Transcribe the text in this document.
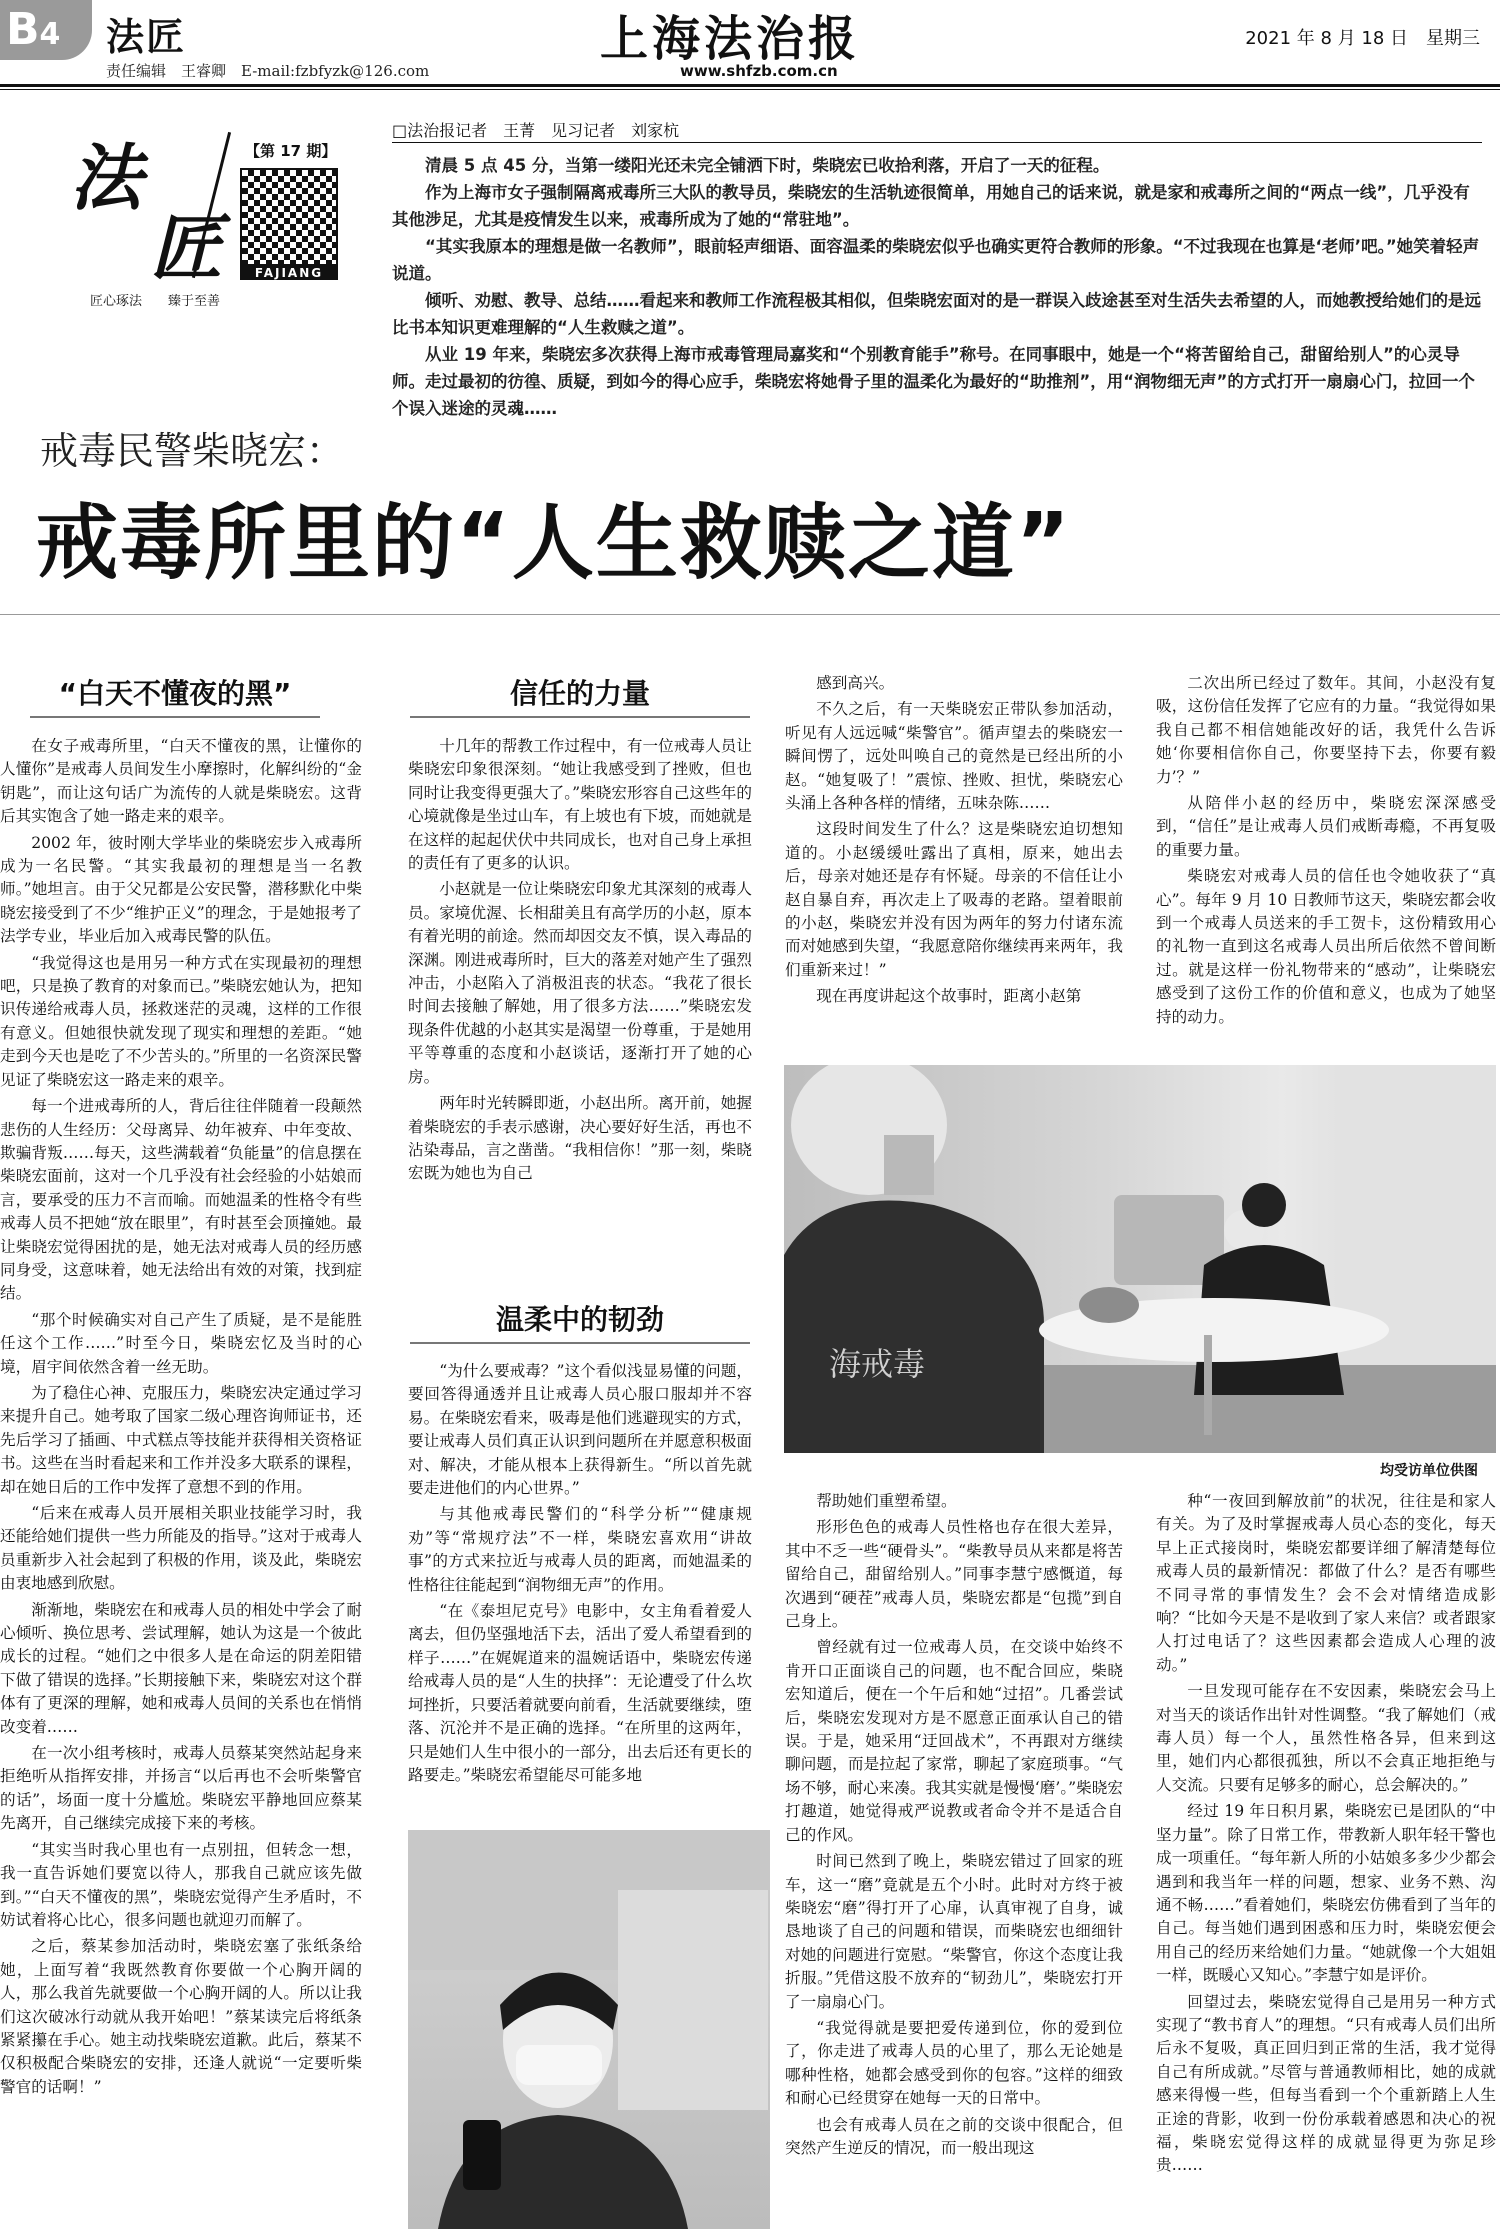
B4	法匠
责任编辑　王睿卿　E-mail:fzbfyzk@126.com
上海法治报
www.shfzb.com.cn
2021 年 8 月 18 日　星期三
法
匠
【第 17 期】
FAJIANG
匠心琢法　　臻于至善
□法治报记者　王菁　见习记者　刘家杭

清晨 5 点 45 分，当第一缕阳光还未完全铺洒下时，柴晓宏已收拾利落，开启了一天的征程。

作为上海市女子强制隔离戒毒所三大队的教导员，柴晓宏的生活轨迹很简单，用她自己的话来说，就是家和戒毒所之间的“两点一线”，几乎没有其他涉足，尤其是疫情发生以来，戒毒所成为了她的“常驻地”。

“其实我原本的理想是做一名教师”，眼前轻声细语、面容温柔的柴晓宏似乎也确实更符合教师的形象。“不过我现在也算是‘老师’吧。”她笑着轻声说道。

倾听、劝慰、教导、总结……看起来和教师工作流程极其相似，但柴晓宏面对的是一群误入歧途甚至对生活失去希望的人，而她教授给她们的是远比书本知识更难理解的“人生救赎之道”。

从业 19 年来，柴晓宏多次获得上海市戒毒管理局嘉奖和“个别教育能手”称号。在同事眼中，她是一个“将苦留给自己，甜留给别人”的心灵导师。走过最初的彷徨、质疑，到如今的得心应手，柴晓宏将她骨子里的温柔化为最好的“助推剂”，用“润物细无声”的方式打开一扇扇心门，拉回一个个误入迷途的灵魂……

戒毒民警柴晓宏：
戒毒所里的“人生救赎之道”
“白天不懂夜的黑”	信任的力量
温柔中的韧劲

在女子戒毒所里，“白天不懂夜的黑，让懂你的人懂你”是戒毒人员间发生小摩擦时，化解纠纷的“金钥匙”，而让这句话广为流传的人就是柴晓宏。这背后其实饱含了她一路走来的艰辛。

2002 年，彼时刚大学毕业的柴晓宏步入戒毒所成为一名民警。“其实我最初的理想是当一名教师。”她坦言。由于父兄都是公安民警，潜移默化中柴晓宏接受到了不少“维护正义”的理念，于是她报考了法学专业，毕业后加入戒毒民警的队伍。

“我觉得这也是用另一种方式在实现最初的理想吧，只是换了教育的对象而已。”柴晓宏她认为，把知识传递给戒毒人员，拯救迷茫的灵魂，这样的工作很有意义。但她很快就发现了现实和理想的差距。“她走到今天也是吃了不少苦头的。”所里的一名资深民警见证了柴晓宏这一路走来的艰辛。

每一个进戒毒所的人，背后往往伴随着一段颠然悲伤的人生经历：父母离异、幼年被弃、中年变故、欺骗背叛……每天，这些满载着“负能量”的信息摆在柴晓宏面前，这对一个几乎没有社会经验的小姑娘而言，要承受的压力不言而喻。而她温柔的性格令有些戒毒人员不把她“放在眼里”，有时甚至会顶撞她。最让柴晓宏觉得困扰的是，她无法对戒毒人员的经历感同身受，这意味着，她无法给出有效的对策，找到症结。

“那个时候确实对自己产生了质疑，是不是能胜任这个工作……”时至今日，柴晓宏忆及当时的心境，眉宇间依然含着一丝无助。

为了稳住心神、克服压力，柴晓宏决定通过学习来提升自己。她考取了国家二级心理咨询师证书，还先后学习了插画、中式糕点等技能并获得相关资格证书。这些在当时看起来和工作并没多大联系的课程，却在她日后的工作中发挥了意想不到的作用。

“后来在戒毒人员开展相关职业技能学习时，我还能给她们提供一些力所能及的指导。”这对于戒毒人员重新步入社会起到了积极的作用，谈及此，柴晓宏由衷地感到欣慰。

渐渐地，柴晓宏在和戒毒人员的相处中学会了耐心倾听、换位思考、尝试理解，她认为这是一个彼此成长的过程。“她们之中很多人是在命运的阴差阳错下做了错误的选择。”长期接触下来，柴晓宏对这个群体有了更深的理解，她和戒毒人员间的关系也在悄悄改变着……

在一次小组考核时，戒毒人员蔡某突然站起身来拒绝听从指挥安排，并扬言“以后再也不会听柴警官的话”，场面一度十分尴尬。柴晓宏平静地回应蔡某先离开，自己继续完成接下来的考核。

“其实当时我心里也有一点别扭，但转念一想，我一直告诉她们要宽以待人，那我自己就应该先做到。”“白天不懂夜的黑”，柴晓宏觉得产生矛盾时，不妨试着将心比心，很多问题也就迎刃而解了。

之后，蔡某参加活动时，柴晓宏塞了张纸条给她，上面写着“我既然教育你要做一个心胸开阔的人，那么我首先就要做一个心胸开阔的人。所以让我们这次破冰行动就从我开始吧！”蔡某读完后将纸条紧紧攥在手心。她主动找柴晓宏道歉。此后，蔡某不仅积极配合柴晓宏的安排，还逢人就说“一定要听柴警官的话啊！”

十几年的帮教工作过程中，有一位戒毒人员让柴晓宏印象很深刻。“她让我感受到了挫败，但也同时让我变得更强大了。”柴晓宏形容自己这些年的心境就像是坐过山车，有上坡也有下坡，而她就是在这样的起起伏伏中共同成长，也对自己身上承担的责任有了更多的认识。

小赵就是一位让柴晓宏印象尤其深刻的戒毒人员。家境优渥、长相甜美且有高学历的小赵，原本有着光明的前途。然而却因交友不慎，误入毒品的深渊。刚进戒毒所时，巨大的落差对她产生了强烈冲击，小赵陷入了消极沮丧的状态。“我花了很长时间去接触了解她，用了很多方法……”柴晓宏发现条件优越的小赵其实是渴望一份尊重，于是她用平等尊重的态度和小赵谈话，逐渐打开了她的心房。

两年时光转瞬即逝，小赵出所。离开前，她握着柴晓宏的手表示感谢，决心要好好生活，再也不沾染毒品，言之凿凿。“我相信你！”那一刻，柴晓宏既为她也为自己

“为什么要戒毒？”这个看似浅显易懂的问题，要回答得通透并且让戒毒人员心服口服却并不容易。在柴晓宏看来，吸毒是他们逃避现实的方式，要让戒毒人员们真正认识到问题所在并愿意积极面对、解决，才能从根本上获得新生。“所以首先就要走进他们的内心世界。”

与其他戒毒民警们的“科学分析”“健康规劝”等“常规疗法”不一样，柴晓宏喜欢用“讲故事”的方式来拉近与戒毒人员的距离，而她温柔的性格往往能起到“润物细无声”的作用。

“在《泰坦尼克号》电影中，女主角看着爱人离去，但仍坚强地活下去，活出了爱人希望看到的样子……”在娓娓道来的温婉话语中，柴晓宏传递给戒毒人员的是“人生的抉择”：无论遭受了什么坎坷挫折，只要活着就要向前看，生活就要继续，堕落、沉沦并不是正确的选择。“在所里的这两年，只是她们人生中很小的一部分，出去后还有更长的路要走。”柴晓宏希望能尽可能多地

感到高兴。

不久之后，有一天柴晓宏正带队参加活动，听见有人远远喊“柴警官”。循声望去的柴晓宏一瞬间愣了，远处叫唤自己的竟然是已经出所的小赵。“她复吸了！”震惊、挫败、担忧，柴晓宏心头涌上各种各样的情绪，五味杂陈……

这段时间发生了什么？这是柴晓宏迫切想知道的。小赵缓缓吐露出了真相，原来，她出去后，母亲对她还是存有怀疑。母亲的不信任让小赵自暴自弃，再次走上了吸毒的老路。望着眼前的小赵，柴晓宏并没有因为两年的努力付诸东流而对她感到失望，“我愿意陪你继续再来两年，我们重新来过！”

现在再度讲起这个故事时，距离小赵第

二次出所已经过了数年。其间，小赵没有复吸，这份信任发挥了它应有的力量。“我觉得如果我自己都不相信她能改好的话，我凭什么告诉她‘你要相信你自己，你要坚持下去，你要有毅力’？”

从陪伴小赵的经历中，柴晓宏深深感受到，“信任”是让戒毒人员们戒断毒瘾，不再复吸的重要力量。

柴晓宏对戒毒人员的信任也令她收获了“真心”。每年 9 月 10 日教师节这天，柴晓宏都会收到一个戒毒人员送来的手工贺卡，这份精致用心的礼物一直到这名戒毒人员出所后依然不曾间断过。就是这样一份礼物带来的“感动”，让柴晓宏感受到了这份工作的价值和意义，也成为了她坚持的动力。

海戒毒
均受访单位供图

帮助她们重塑希望。

形形色色的戒毒人员性格也存在很大差异，其中不乏一些“硬骨头”。“柴教导员从来都是将苦留给自己，甜留给别人。”同事李慧宁感慨道，每次遇到“硬茬”戒毒人员，柴晓宏都是“包揽”到自己身上。

曾经就有过一位戒毒人员，在交谈中始终不肯开口正面谈自己的问题，也不配合回应，柴晓宏知道后，便在一个午后和她“过招”。几番尝试后，柴晓宏发现对方是不愿意正面承认自己的错误。于是，她采用“迂回战术”，不再跟对方继续聊问题，而是拉起了家常，聊起了家庭琐事。“气场不够，耐心来凑。我其实就是慢慢‘磨’。”柴晓宏打趣道，她觉得戒严说教或者命令并不是适合自己的作风。

时间已然到了晚上，柴晓宏错过了回家的班车，这一“磨”竟就是五个小时。此时对方终于被柴晓宏“磨”得打开了心扉，认真审视了自身，诚恳地谈了自己的问题和错误，而柴晓宏也细细针对她的问题进行宽慰。“柴警官，你这个态度让我折服。”凭借这股不放弃的“韧劲儿”，柴晓宏打开了一扇扇心门。

“我觉得就是要把爱传递到位，你的爱到位了，你走进了戒毒人员的心里了，那么无论她是哪种性格，她都会感受到你的包容。”这样的细致和耐心已经贯穿在她每一天的日常中。

也会有戒毒人员在之前的交谈中很配合，但突然产生逆反的情况，而一般出现这

种“一夜回到解放前”的状况，往往是和家人有关。为了及时掌握戒毒人员心态的变化，每天早上正式接岗时，柴晓宏都要详细了解清楚每位戒毒人员的最新情况：都做了什么？是否有哪些不同寻常的事情发生？会不会对情绪造成影响？“比如今天是不是收到了家人来信？或者跟家人打过电话了？这些因素都会造成人心理的波动。”

一旦发现可能存在不安因素，柴晓宏会马上对当天的谈话作出针对性调整。“我了解她们（戒毒人员）每一个人，虽然性格各异，但来到这里，她们内心都很孤独，所以不会真正地拒绝与人交流。只要有足够多的耐心，总会解决的。”

经过 19 年日积月累，柴晓宏已是团队的“中坚力量”。除了日常工作，带教新人职年轻干警也成一项重任。“每年新人所的小姑娘多多少少都会遇到和我当年一样的问题，想家、业务不熟、沟通不畅……”看着她们，柴晓宏仿佛看到了当年的自己。每当她们遇到困惑和压力时，柴晓宏便会用自己的经历来给她们力量。“她就像一个大姐姐一样，既暖心又知心。”李慧宁如是评价。

回望过去，柴晓宏觉得自己是用另一种方式实现了“教书育人”的理想。“只有戒毒人员们出所后永不复吸，真正回归到正常的生活，我才觉得自己有所成就。”尽管与普通教师相比，她的成就感来得慢一些，但每当看到一个个重新踏上人生正途的背影，收到一份份承载着感恩和决心的祝福，柴晓宏觉得这样的成就显得更为弥足珍贵……
